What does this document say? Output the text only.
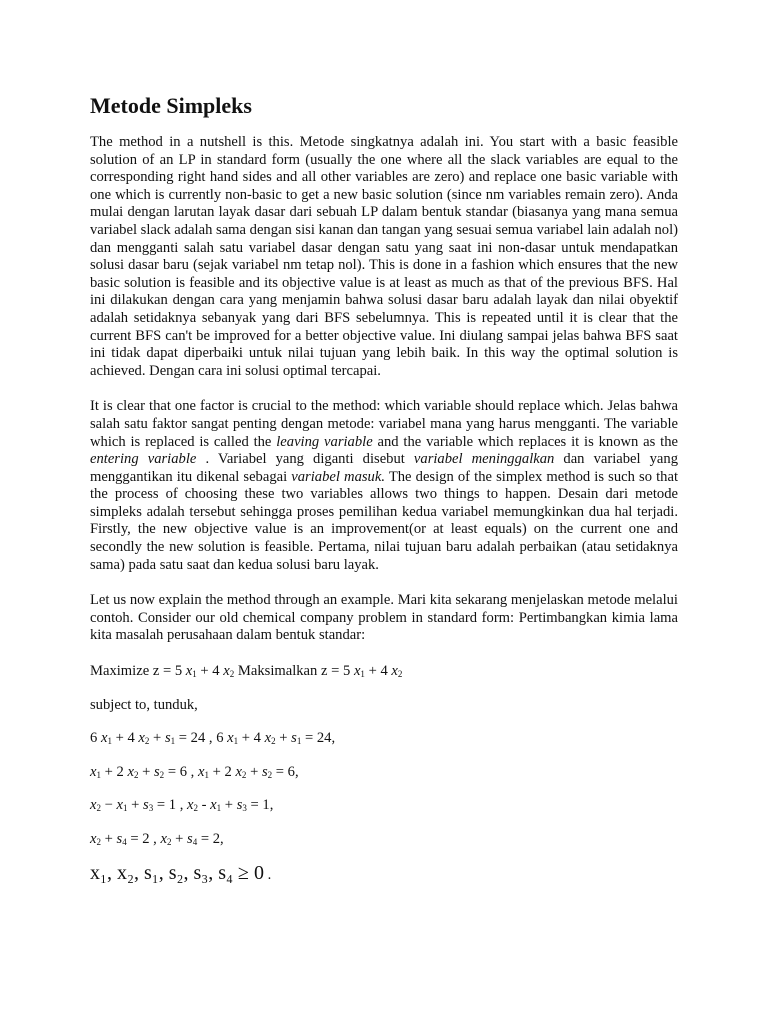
Metode Simpleks

The method in a nutshell is this. Metode singkatnya adalah ini. You start with a basic feasible solution of an LP in standard form (usually the one where all the slack variables are equal to the corresponding right hand sides and all other variables are zero) and replace one basic variable with one which is currently non-basic to get a new basic solution (since nm variables remain zero). Anda mulai dengan larutan layak dasar dari sebuah LP dalam bentuk standar (biasanya yang mana semua variabel slack adalah sama dengan sisi kanan dan tangan yang sesuai semua variabel lain adalah nol) dan mengganti salah satu variabel dasar dengan satu yang saat ini non-dasar untuk mendapatkan solusi dasar baru (sejak variabel nm tetap nol). This is done in a fashion which ensures that the new basic solution is feasible and its objective value is at least as much as that of the previous BFS. Hal ini dilakukan dengan cara yang menjamin bahwa solusi dasar baru adalah layak dan nilai obyektif adalah setidaknya sebanyak yang dari BFS sebelumnya. This is repeated until it is clear that the current BFS can't be improved for a better objective value. Ini diulang sampai jelas bahwa BFS saat ini tidak dapat diperbaiki untuk nilai tujuan yang lebih baik. In this way the optimal solution is achieved. Dengan cara ini solusi optimal tercapai.

It is clear that one factor is crucial to the method: which variable should replace which. Jelas bahwa salah satu faktor sangat penting dengan metode: variabel mana yang harus mengganti. The variable which is replaced is called the leaving variable and the variable which replaces it is known as the entering variable . Variabel yang diganti disebut variabel meninggalkan dan variabel yang menggantikan itu dikenal sebagai variabel masuk. The design of the simplex method is such so that the process of choosing these two variables allows two things to happen. Desain dari metode simpleks adalah tersebut sehingga proses pemilihan kedua variabel memungkinkan dua hal terjadi. Firstly, the new objective value is an improvement(or at least equals) on the current one and secondly the new solution is feasible. Pertama, nilai tujuan baru adalah perbaikan (atau setidaknya sama) pada satu saat dan kedua solusi baru layak.

Let us now explain the method through an example. Mari kita sekarang menjelaskan metode melalui contoh. Consider our old chemical company problem in standard form: Pertimbangkan kimia lama kita masalah perusahaan dalam bentuk standar:

Maximize z = 5 $x_1 + 4$ $x_2$ Maksimalkan z = 5 $x_1 + 4$ $x_2$

subject to, tunduk,

6 $x_1 + 4$ $x_2 + s_1 = 24$ , 6 $x_1 + 4$ $x_2 + s_1 = 24$,

$x_1 + 2$ $x_2 + s_2 = 6$ , $x_1 + 2$ $x_2 + s_2 = 6$,

$x_2 - x_1 + s_3 = 1$ , $x_2 - x_1 + s_3 = 1$,

$x_2 + s_4 = 2$ , $x_2 + s_4 = 2$,

x₁, x₂, s₁, s₂, s₃, s₄ ≥ 0 .
